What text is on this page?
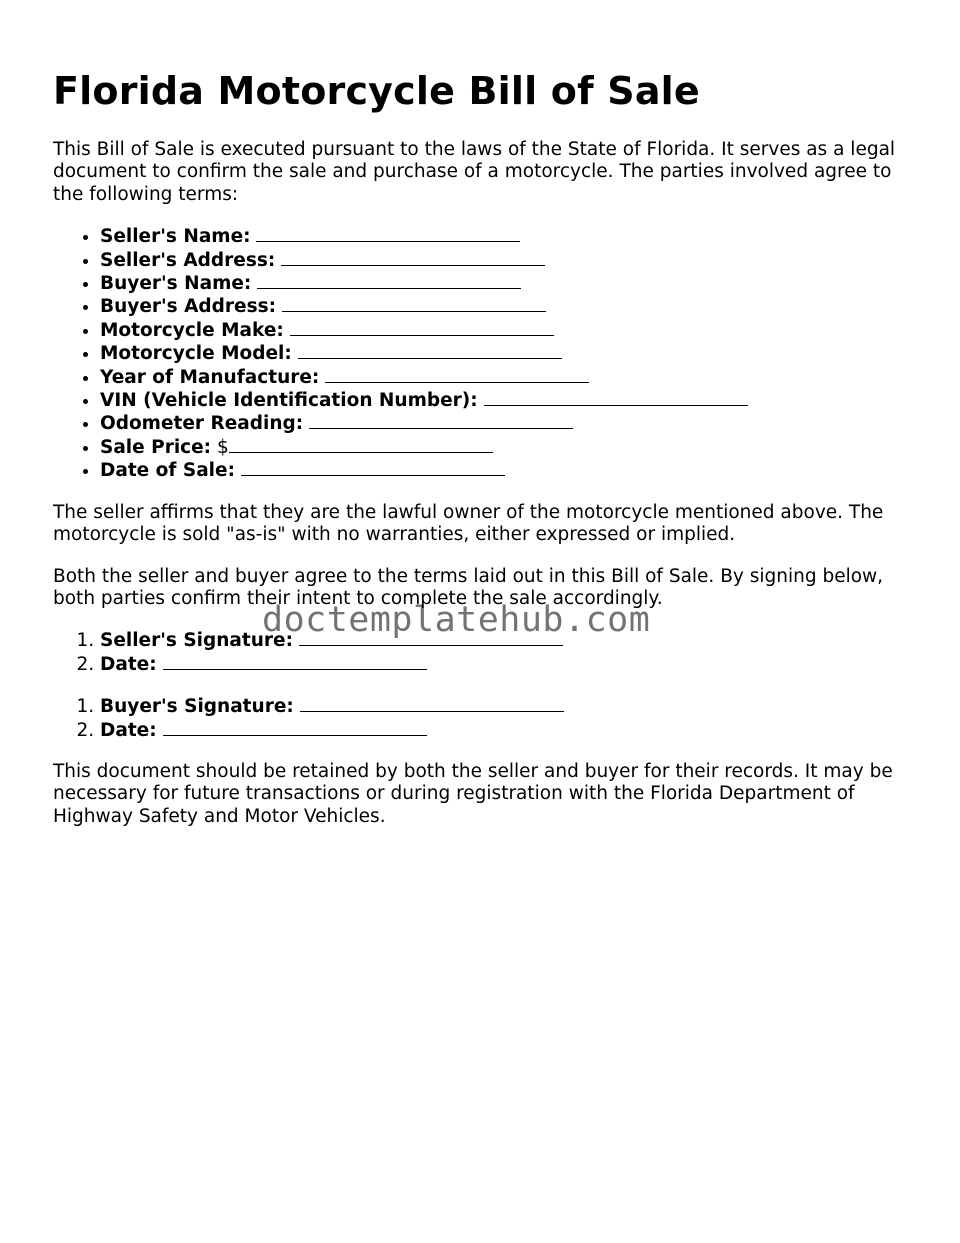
Florida Motorcycle Bill of Sale

This Bill of Sale is executed pursuant to the laws of the State of Florida. It serves as a legal document to confirm the sale and purchase of a motorcycle. The parties involved agree to the following terms:

• Seller's Name:
• Seller's Address:
• Buyer's Name:
• Buyer's Address:
• Motorcycle Make:
• Motorcycle Model:
• Year of Manufacture:
• VIN (Vehicle Identification Number):
• Odometer Reading:
• Sale Price: $
• Date of Sale:

The seller affirms that they are the lawful owner of the motorcycle mentioned above. The motorcycle is sold "as-is" with no warranties, either expressed or implied.

Both the seller and buyer agree to the terms laid out in this Bill of Sale. By signing below, both parties confirm their intent to complete the sale accordingly.

1. Seller's Signature:
2. Date:
1. Buyer's Signature:
2. Date:

This document should be retained by both the seller and buyer for their records. It may be necessary for future transactions or during registration with the Florida Department of Highway Safety and Motor Vehicles.

doctemplatehub.com
